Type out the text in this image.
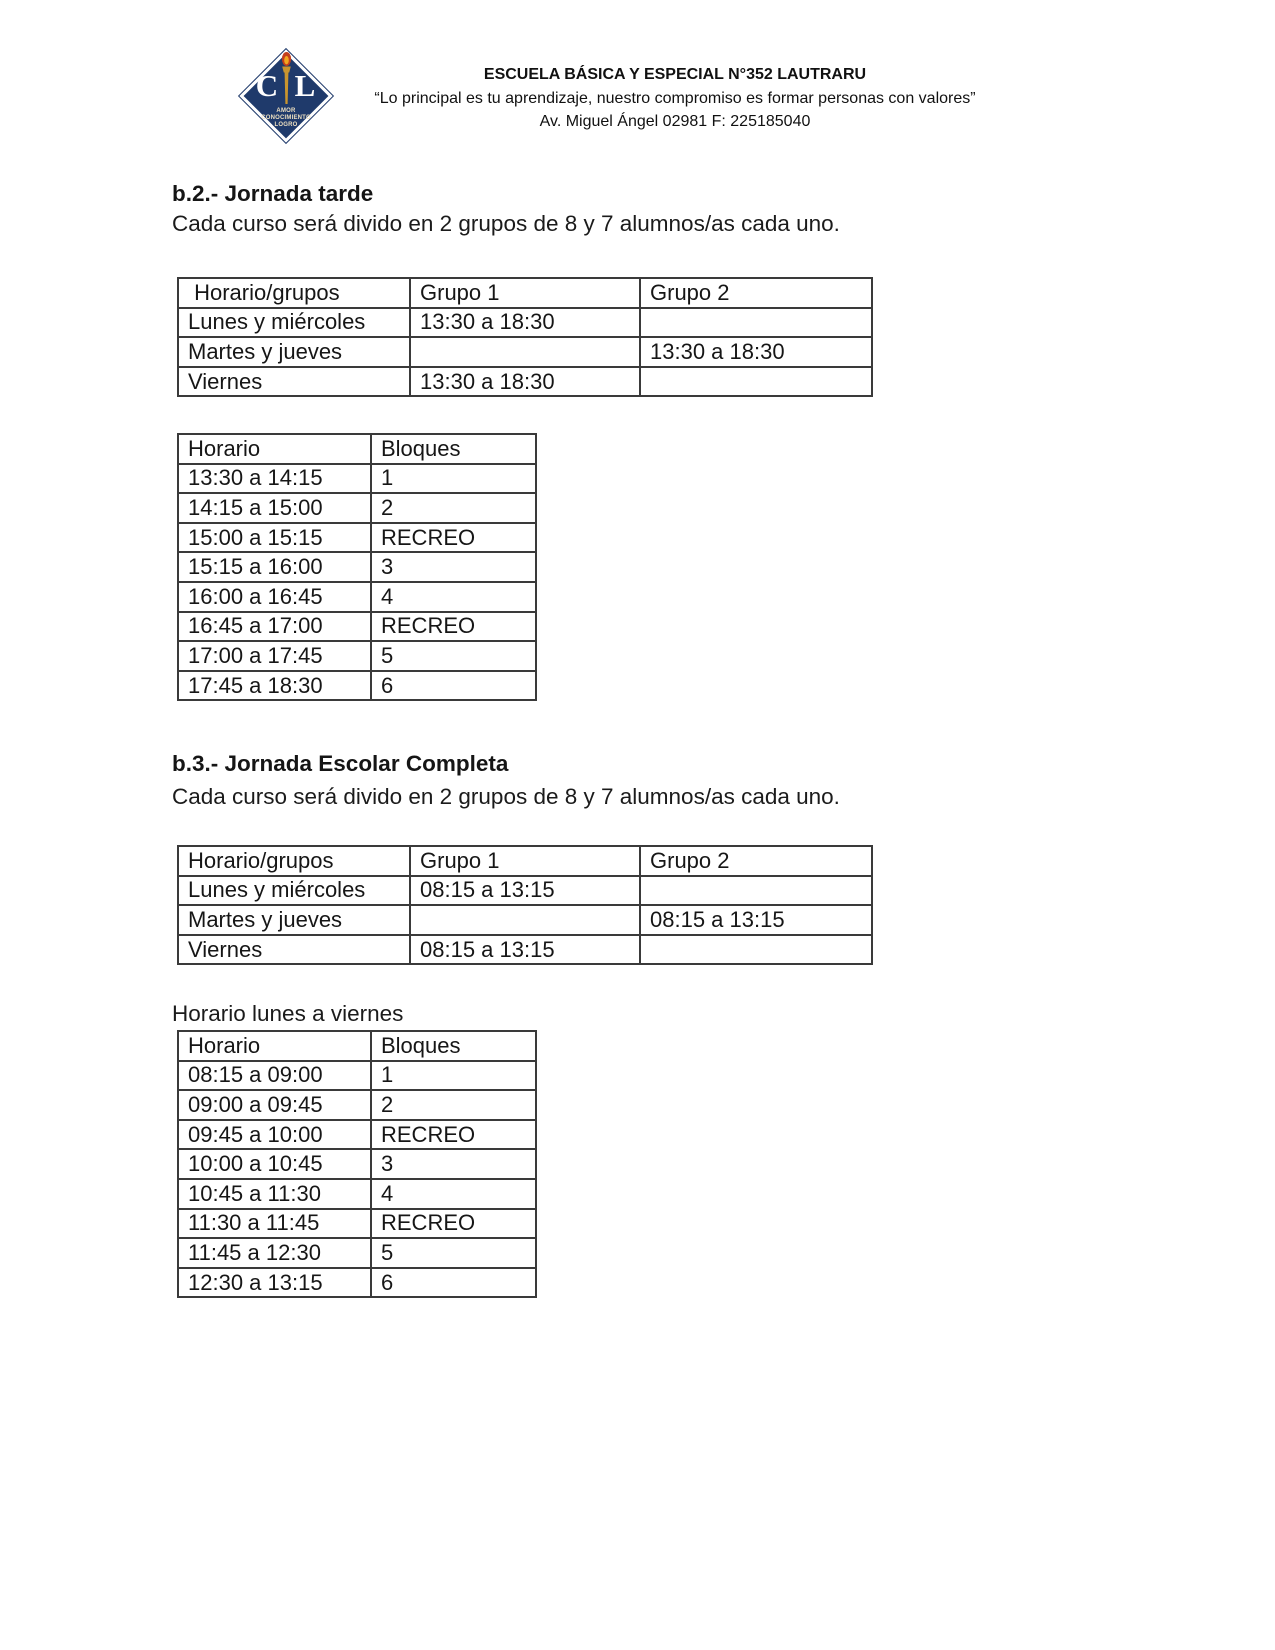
C L
AMOR
CONOCIMIENTO
LOGRO
ESCUELA BÁSICA Y ESPECIAL N°352 LAUTRARU
“Lo principal es tu aprendizaje, nuestro compromiso es formar personas con valores”
Av. Miguel Ángel 02981 F: 225185040
b.2.- Jornada tarde
Cada curso será divido en 2 grupos de 8 y 7 alumnos/as cada uno.
Horario/grupos	Grupo 1	Grupo 2
Lunes y miércoles	13:30 a 18:30	
Martes y jueves		13:30 a 18:30
Viernes	13:30 a 18:30	
Horario	Bloques
13:30 a 14:15	1
14:15 a 15:00	2
15:00 a 15:15	RECREO
15:15 a 16:00	3
16:00 a 16:45	4
16:45 a 17:00	RECREO
17:00 a 17:45	5
17:45 a 18:30	6
b.3.- Jornada Escolar Completa
Cada curso será divido en 2 grupos de 8 y 7 alumnos/as cada uno.
Horario/grupos	Grupo 1	Grupo 2
Lunes y miércoles	08:15 a 13:15	
Martes y jueves		08:15 a 13:15
Viernes	08:15 a 13:15	
Horario lunes a viernes
Horario	Bloques
08:15 a 09:00	1
09:00 a 09:45	2
09:45 a 10:00	RECREO
10:00 a 10:45	3
10:45 a 11:30	4
11:30 a 11:45	RECREO
11:45 a 12:30	5
12:30 a 13:15	6
